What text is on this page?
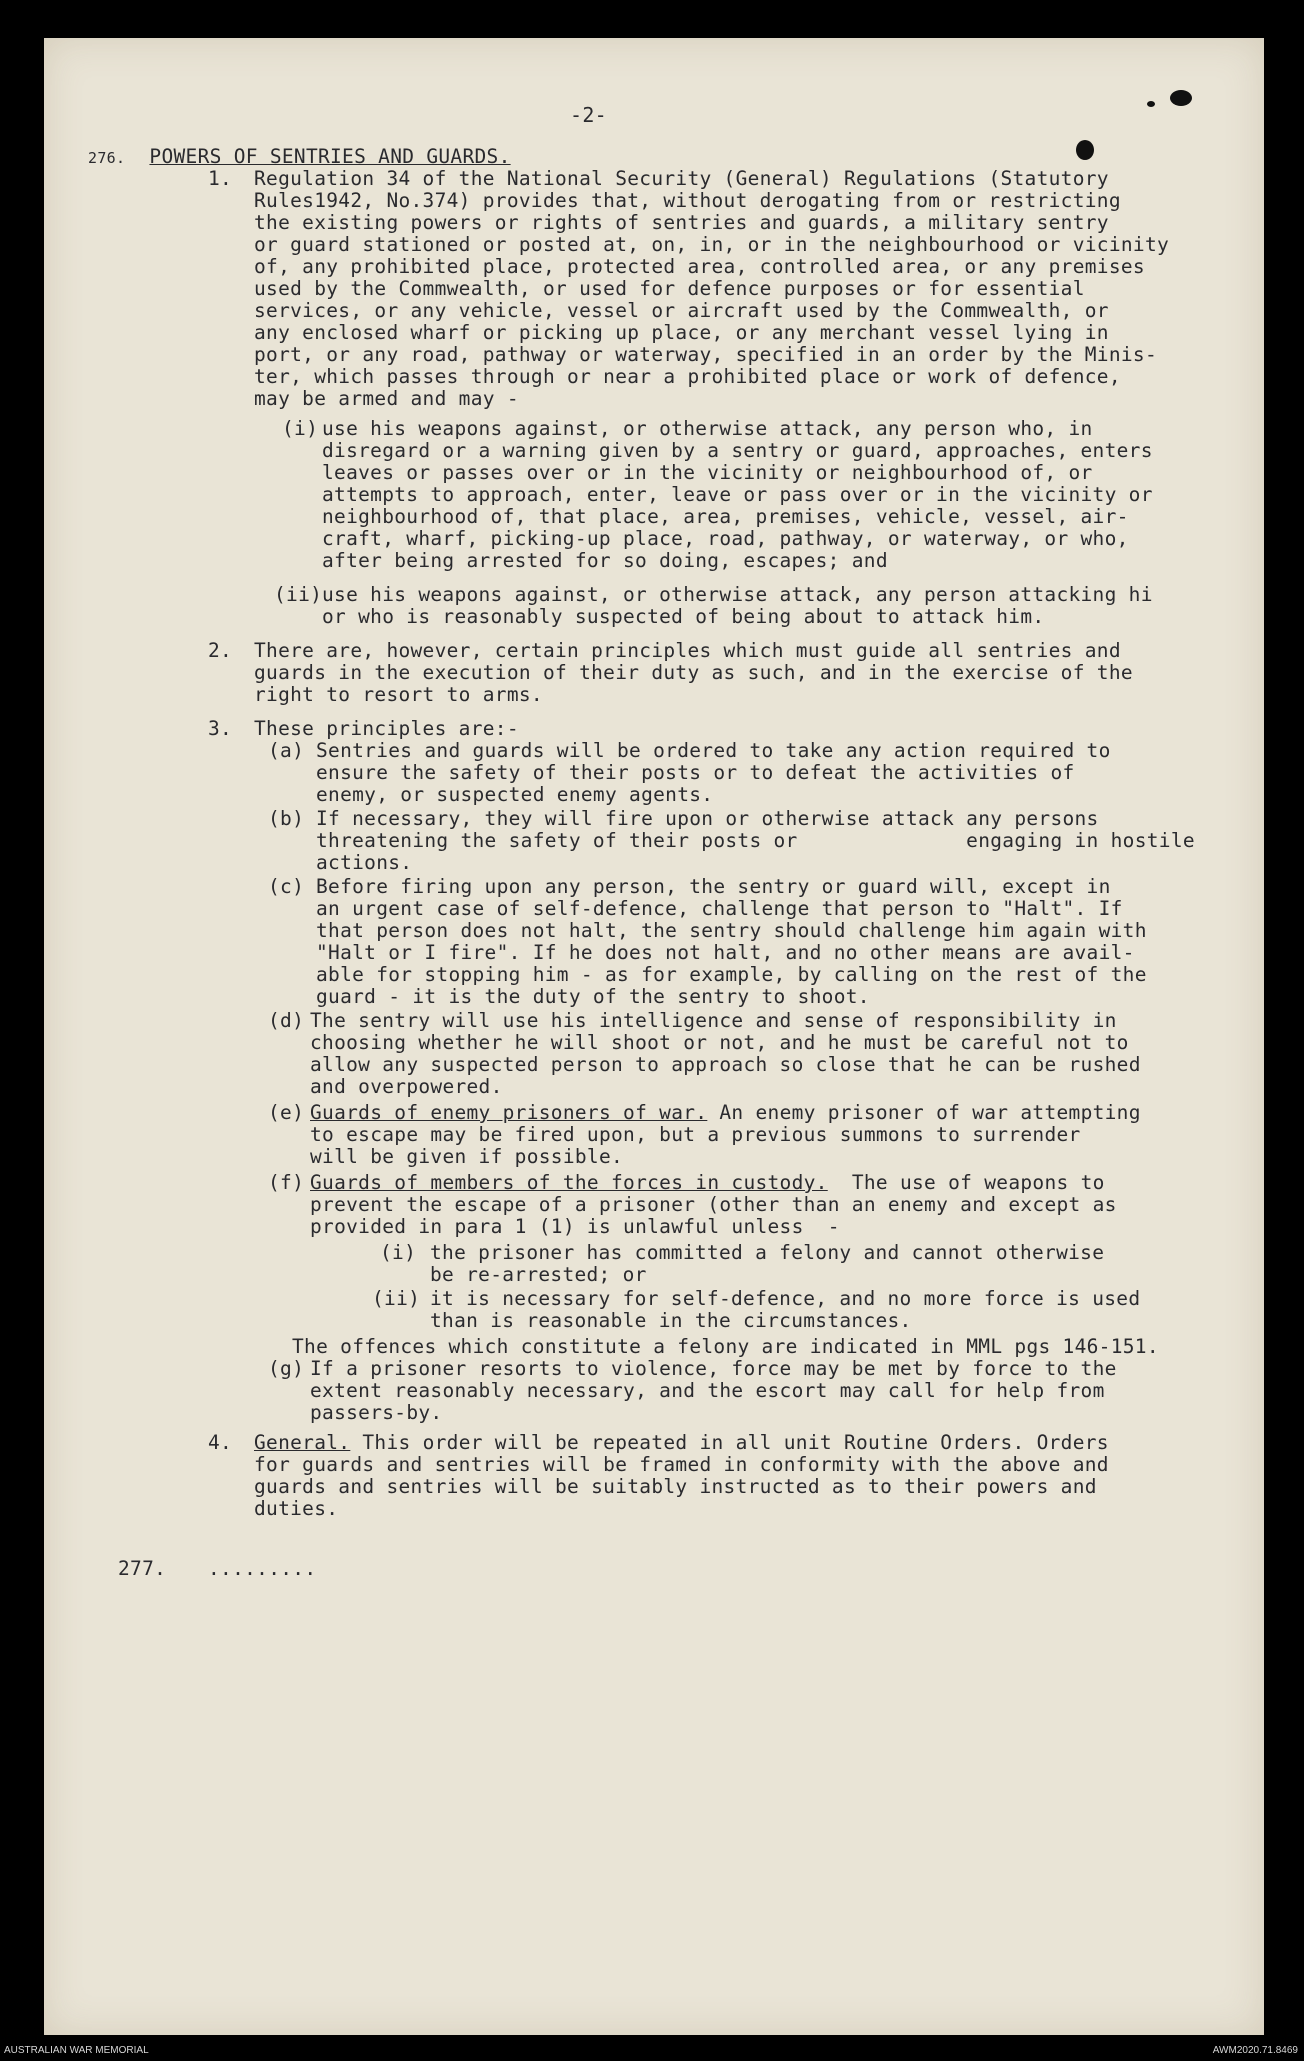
-2-
276. POWERS OF SENTRIES AND GUARDS.
1. Regulation 34 of the National Security (General) Regulations (Statutory
Rules1942, No.374) provides that, without derogating from or restricting
the existing powers or rights of sentries and guards, a military sentry
or guard stationed or posted at, on, in, or in the neighbourhood or vicinity
of, any prohibited place, protected area, controlled area, or any premises
used by the Commwealth, or used for defence purposes or for essential
services, or any vehicle, vessel or aircraft used by the Commwealth, or
any enclosed wharf or picking up place, or any merchant vessel lying in
port, or any road, pathway or waterway, specified in an order by the Minis-
ter, which passes through or near a prohibited place or work of defence,
may be armed and may -
(i) use his weapons against, or otherwise attack, any person who, in
disregard or a warning given by a sentry or guard, approaches, enters
leaves or passes over or in the vicinity or neighbourhood of, or
attempts to approach, enter, leave or pass over or in the vicinity or
neighbourhood of, that place, area, premises, vehicle, vessel, air-
craft, wharf, picking-up place, road, pathway, or waterway, or who,
after being arrested for so doing, escapes; and
(ii) use his weapons against, or otherwise attack, any person attacking hi
or who is reasonably suspected of being about to attack him.
2. There are, however, certain principles which must guide all sentries and
guards in the execution of their duty as such, and in the exercise of the
right to resort to arms.
3. These principles are:-
(a) Sentries and guards will be ordered to take any action required to
ensure the safety of their posts or to defeat the activities of
enemy, or suspected enemy agents.
(b) If necessary, they will fire upon or otherwise attack any persons
threatening the safety of their posts or              engaging in hostile
actions.
(c) Before firing upon any person, the sentry or guard will, except in
an urgent case of self-defence, challenge that person to "Halt". If
that person does not halt, the sentry should challenge him again with
"Halt or I fire". If he does not halt, and no other means are avail-
able for stopping him - as for example, by calling on the rest of the
guard - it is the duty of the sentry to shoot.
(d) The sentry will use his intelligence and sense of responsibility in
choosing whether he will shoot or not, and he must be careful not to
allow any suspected person to approach so close that he can be rushed
and overpowered.
(e) Guards of enemy prisoners of war. An enemy prisoner of war attempting
to escape may be fired upon, but a previous summons to surrender
will be given if possible.
(f) Guards of members of the forces in custody.  The use of weapons to
prevent the escape of a prisoner (other than an enemy and except as
provided in para 1 (1) is unlawful unless  -
(i) the prisoner has committed a felony and cannot otherwise
be re-arrested; or
(ii) it is necessary for self-defence, and no more force is used
than is reasonable in the circumstances.
The offences which constitute a felony are indicated in MML pgs 146-151.
(g) If a prisoner resorts to violence, force may be met by force to the
extent reasonably necessary, and the escort may call for help from
passers-by.
4. General. This order will be repeated in all unit Routine Orders. Orders
for guards and sentries will be framed in conformity with the above and
guards and sentries will be suitably instructed as to their powers and
duties.
277. .........
AUSTRALIAN WAR MEMORIAL	AWM2020.71.8469
